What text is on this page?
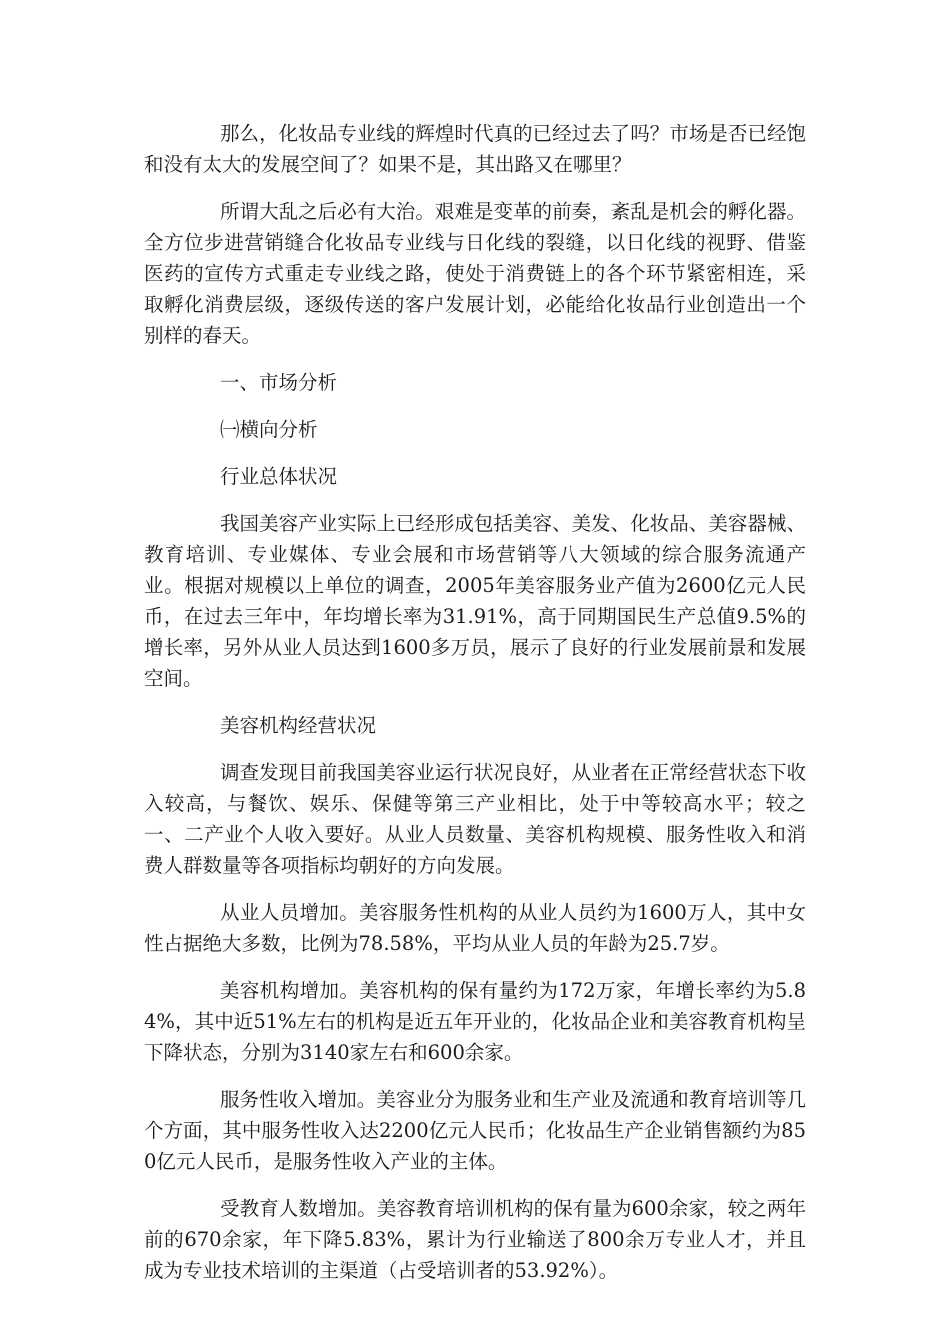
那么，化妆品专业线的辉煌时代真的已经过去了吗？市场是否已经饱和没有太大的发展空间了？如果不是，其出路又在哪里？

所谓大乱之后必有大治。艰难是变革的前奏，紊乱是机会的孵化器。全方位步进营销缝合化妆品专业线与日化线的裂缝，以日化线的视野、借鉴医药的宣传方式重走专业线之路，使处于消费链上的各个环节紧密相连，采取孵化消费层级，逐级传送的客户发展计划，必能给化妆品行业创造出一个别样的春天。

一、市场分析

㈠横向分析

行业总体状况

我国美容产业实际上已经形成包括美容、美发、化妆品、美容器械、教育培训、专业媒体、专业会展和市场营销等八大领域的综合服务流通产业。根据对规模以上单位的调查，2005年美容服务业产值为2600亿元人民币，在过去三年中，年均增长率为31.91%，高于同期国民生产总值9.5%的增长率，另外从业人员达到1600多万员，展示了良好的行业发展前景和发展空间。

美容机构经营状况

调查发现目前我国美容业运行状况良好，从业者在正常经营状态下收入较高，与餐饮、娱乐、保健等第三产业相比，处于中等较高水平；较之一、二产业个人收入要好。从业人员数量、美容机构规模、服务性收入和消费人群数量等各项指标均朝好的方向发展。

从业人员增加。美容服务性机构的从业人员约为1600万人，其中女性占据绝大多数，比例为78.58%，平均从业人员的年龄为25.7岁。

美容机构增加。美容机构的保有量约为172万家，年增长率约为5.84%，其中近51%左右的机构是近五年开业的，化妆品企业和美容教育机构呈下降状态，分别为3140家左右和600余家。

服务性收入增加。美容业分为服务业和生产业及流通和教育培训等几个方面，其中服务性收入达2200亿元人民币；化妆品生产企业销售额约为850亿元人民币，是服务性收入产业的主体。

受教育人数增加。美容教育培训机构的保有量为600余家，较之两年前的670余家，年下降5.83%，累计为行业输送了800余万专业人才，并且成为专业技术培训的主渠道（占受培训者的53.92%）。
